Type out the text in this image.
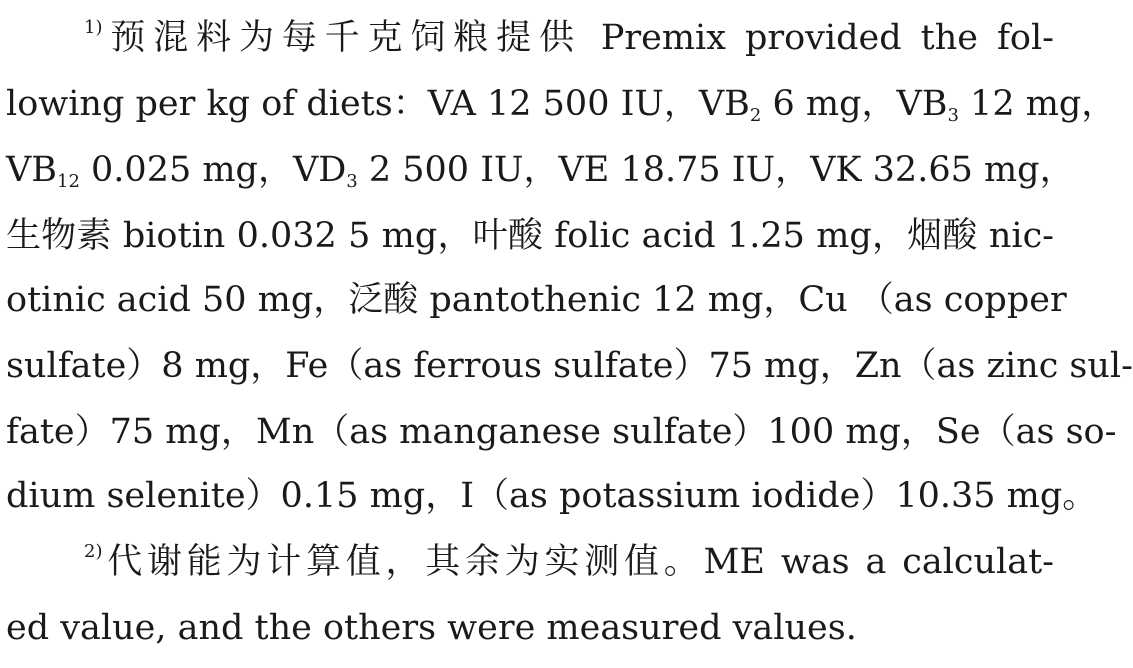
$^{1)}$预混料为每千克饲粮提供 Premix provided the fol-
lowing per kg of diets：VA 12 500 IU，$VB_2$ 6 mg，$VB_3$ 12 mg，
$VB_{12}$ 0.025 mg，$VD_3$ 2 500 IU，VE 18.75 IU，VK 32.65 mg，
生物素 biotin 0.032 5 mg，叶酸 folic acid 1.25 mg，烟酸 nic-
otinic acid 50 mg，泛酸 pantothenic 12 mg，Cu （as copper
sulfate）8 mg，Fe（as ferrous sulfate）75 mg，Zn（as zinc sul-
fate）75 mg，Mn（as manganese sulfate）100 mg，Se（as so-
dium selenite）0.15 mg，I（as potassium iodide）10.35 mg。
$^{2)}$代谢能为计算值，其余为实测值。ME was a calculat-
ed value, and the others were measured values.
